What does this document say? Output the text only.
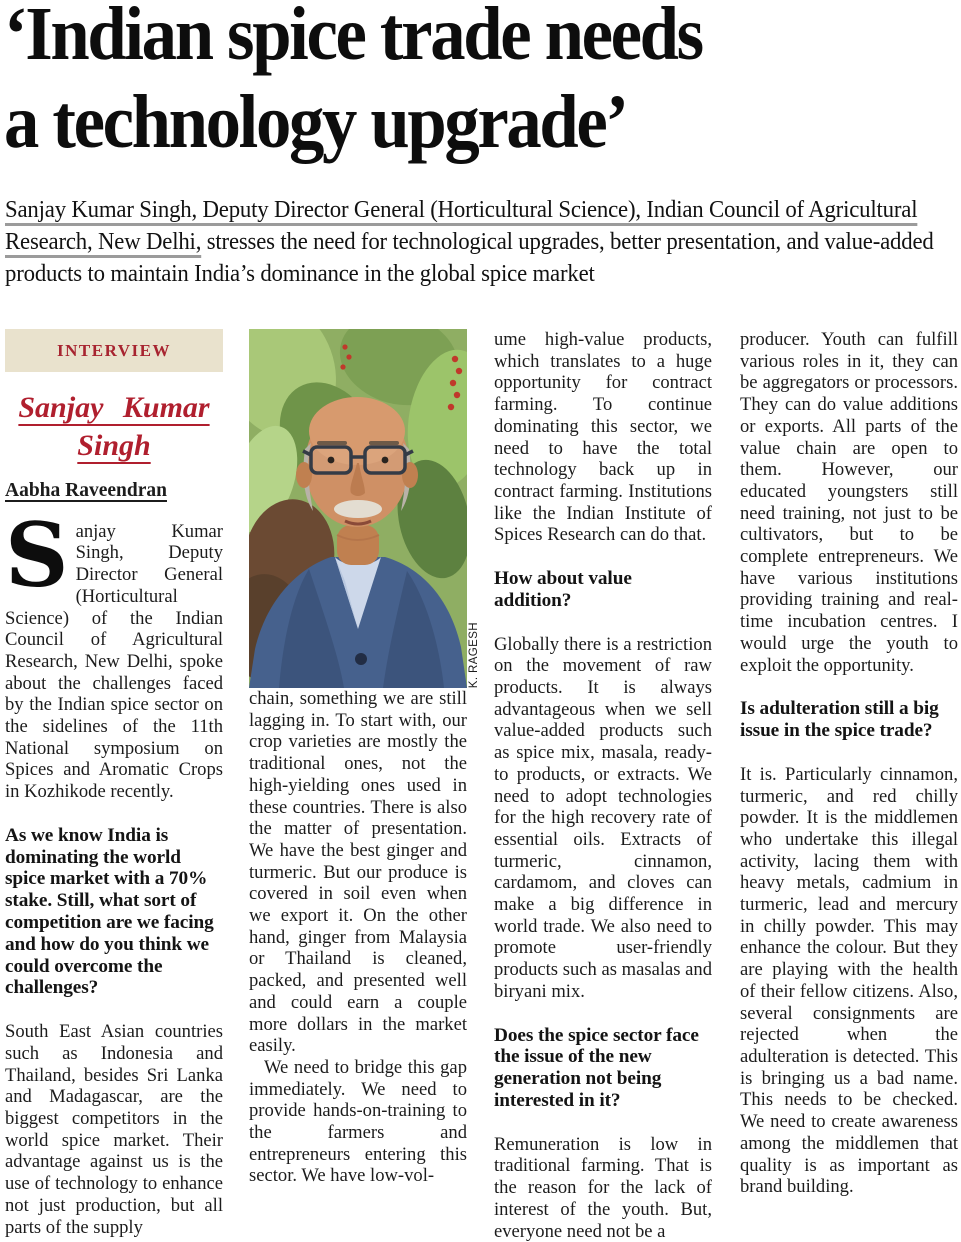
‘Indian spice trade needs
a technology upgrade’

Sanjay Kumar Singh, Deputy Director General (Horticultural Science), Indian Council of Agricultural Research, New Delhi, stresses the need for technological upgrades, better presentation, and value-added products to maintain India’s dominance in the global spice market

INTERVIEW
Sanjay Kumar
Singh
Aabha Raveendran

Sanjay Kumar Singh, Deputy Director General (Horticultural Science) of the Indian Council of Agricultural Research, New Delhi, spoke about the challenges faced by the Indian spice sector on the sidelines of the 11th National symposium on Spices and Aromatic Crops in Kozhikode recently.

As we know India is dominating the world spice market with a 70% stake. Still, what sort of competition are we facing and how do you think we could overcome the challenges?

South East Asian countries such as Indonesia and Thailand, besides Sri Lanka and Madagascar, are the biggest competitors in the world spice market. Their advantage against us is the use of technology to enhance not just production, but all parts of the supply

K. RAGESH

chain, something we are still lagging in. To start with, our crop varieties are mostly the traditional ones, not the high-yielding ones used in these countries. There is also the matter of presentation. We have the best ginger and turmeric. But our produce is covered in soil even when we export it. On the other hand, ginger from Malaysia or Thailand is cleaned, packed, and presented well and could earn a couple more dollars in the market easily.

We need to bridge this gap immediately. We need to provide hands-on-training to the farmers and entrepreneurs entering this sector. We have low-vol-

ume high-value products, which translates to a huge opportunity for contract farming. To continue dominating this sector, we need to have the total technology back up in contract farming. Institutions like the Indian Institute of Spices Research can do that.

How about value addition?

Globally there is a restriction on the movement of raw products. It is always advantageous when we sell value-added products such as spice mix, masala, ready-to products, or extracts. We need to adopt technologies for the high recovery rate of essential oils. Extracts of turmeric, cinnamon, cardamom, and cloves can make a big difference in world trade. We also need to promote user-friendly products such as masalas and biryani mix.

Does the spice sector face the issue of the new generation not being interested in it?

Remuneration is low in traditional farming. That is the reason for the lack of interest of the youth. But, everyone need not be a

producer. Youth can fulfill various roles in it, they can be aggregators or processors. They can do value additions or exports. All parts of the value chain are open to them. However, our educated youngsters still need training, not just to be cultivators, but to be complete entrepreneurs. We have various institutions providing training and real-time incubation centres. I would urge the youth to exploit the opportunity.

Is adulteration still a big issue in the spice trade?

It is. Particularly cinnamon, turmeric, and red chilly powder. It is the middlemen who undertake this illegal activity, lacing them with heavy metals, cadmium in turmeric, lead and mercury in chilly powder. This may enhance the colour. But they are playing with the health of their fellow citizens. Also, several consignments are rejected when the adulteration is detected. This is bringing us a bad name. This needs to be checked. We need to create awareness among the middlemen that quality is as important as brand building.
